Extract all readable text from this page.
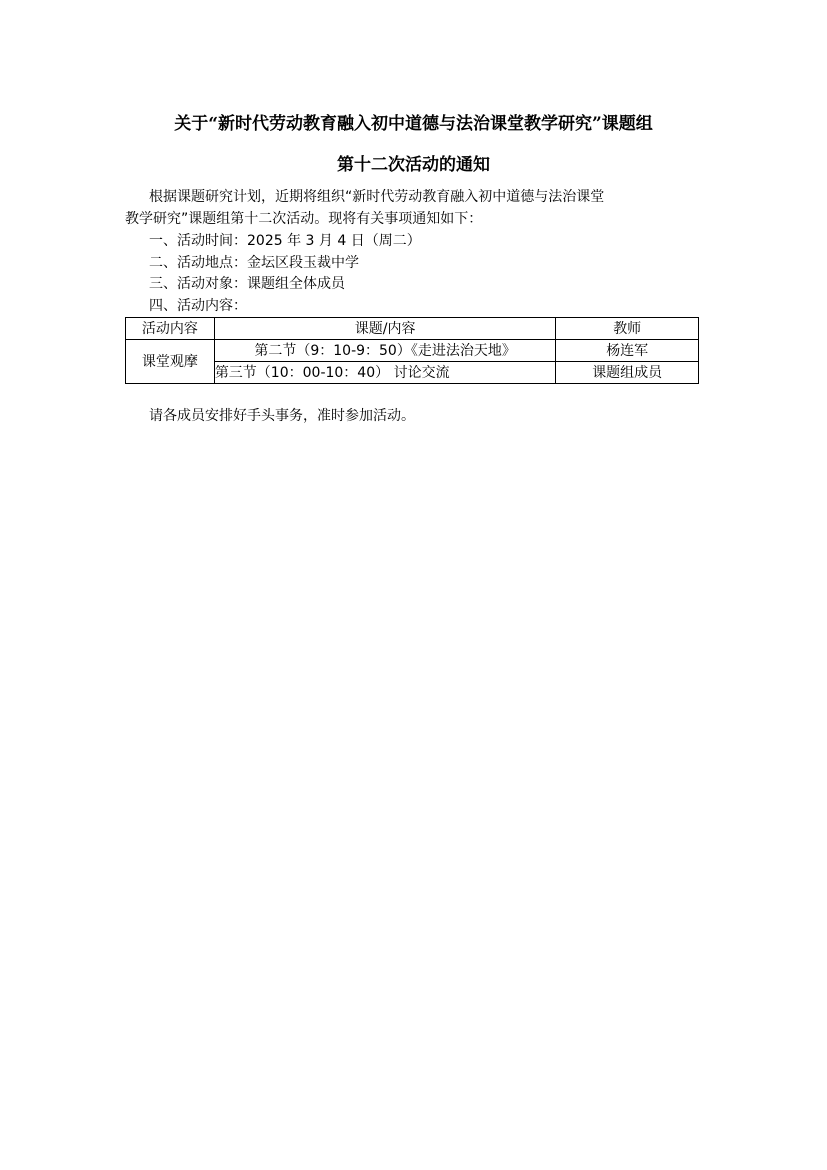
关于“新时代劳动教育融入初中道德与法治课堂教学研究”课题组
第十二次活动的通知
根据课题研究计划，近期将组织“新时代劳动教育融入初中道德与法治课堂
教学研究”课题组第十二次活动。现将有关事项通知如下：
一、活动时间：2025 年 3 月 4 日（周二）
二、活动地点：金坛区段玉裁中学
三、活动对象：课题组全体成员
四、活动内容：
活动内容	课题/内容	教师
课堂观摩	第二节（9：10-9：50）《走进法治天地》	杨连军
	第三节（10：00-10：40） 讨论交流	课题组成员
请各成员安排好手头事务，准时参加活动。
